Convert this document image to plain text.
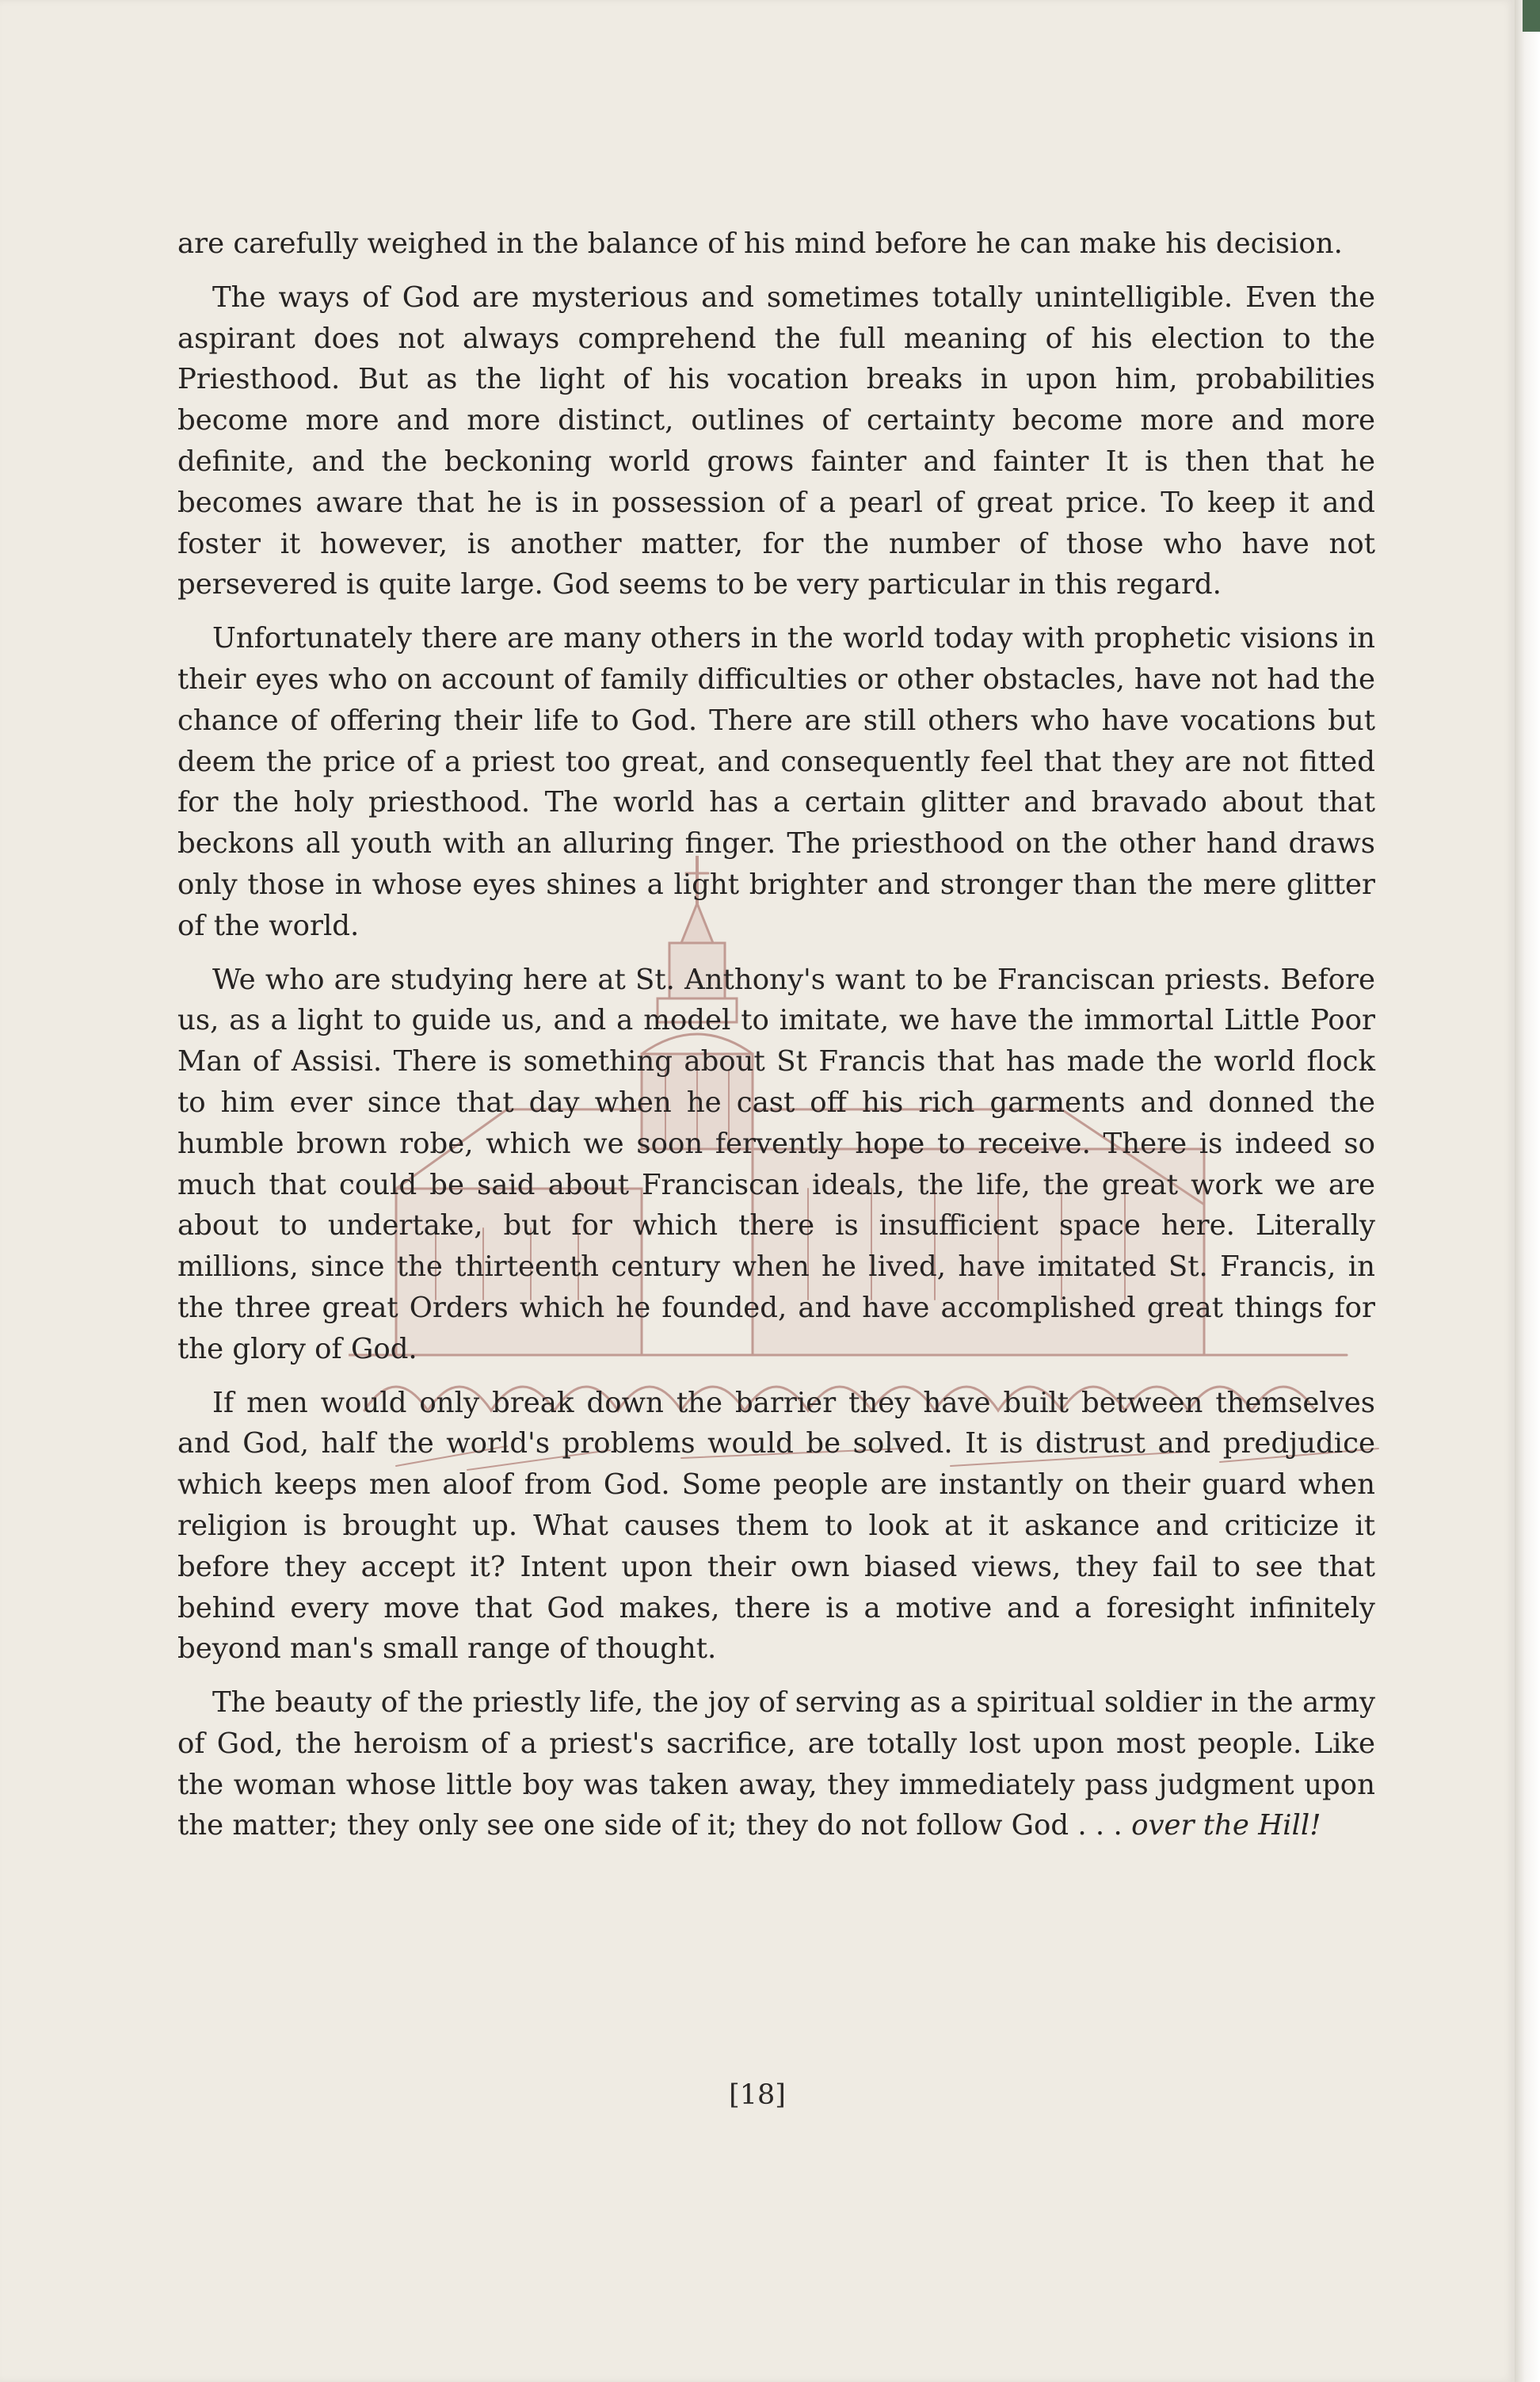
are carefully weighed in the balance of his mind before he can make his decision.

The ways of God are mysterious and sometimes totally unintelligible. Even the aspirant does not always comprehend the full meaning of his election to the Priesthood. But as the light of his vocation breaks in upon him, probabilities become more and more distinct, outlines of certainty become more and more definite, and the beckoning world grows fainter and fainter It is then that he becomes aware that he is in possession of a pearl of great price. To keep it and foster it however, is another matter, for the number of those who have not persevered is quite large. God seems to be very particular in this regard.

Unfortunately there are many others in the world today with prophetic visions in their eyes who on account of family difficulties or other obstacles, have not had the chance of offering their life to God. There are still others who have vocations but deem the price of a priest too great, and consequently feel that they are not fitted for the holy priesthood. The world has a certain glitter and bravado about that beckons all youth with an alluring finger. The priesthood on the other hand draws only those in whose eyes shines a light brighter and stronger than the mere glitter of the world.

We who are studying here at St. Anthony's want to be Franciscan priests. Before us, as a light to guide us, and a model to imitate, we have the immortal Little Poor Man of Assisi. There is something about St Francis that has made the world flock to him ever since that day when he cast off his rich garments and donned the humble brown robe, which we soon fervently hope to receive. There is indeed so much that could be said about Franciscan ideals, the life, the great work we are about to undertake, but for which there is insufficient space here. Literally millions, since the thirteenth century when he lived, have imitated St. Francis, in the three great Orders which he founded, and have accomplished great things for the glory of God.

If men would only break down the barrier they have built between themselves and God, half the world's problems would be solved. It is distrust and predjudice which keeps men aloof from God. Some people are instantly on their guard when religion is brought up. What causes them to look at it askance and criticize it before they accept it? Intent upon their own biased views, they fail to see that behind every move that God makes, there is a motive and a foresight infinitely beyond man's small range of thought.

The beauty of the priestly life, the joy of serving as a spiritual soldier in the army of God, the heroism of a priest's sacrifice, are totally lost upon most people. Like the woman whose little boy was taken away, they immediately pass judgment upon the matter; they only see one side of it; they do not follow God . . . over the Hill!

[18]
